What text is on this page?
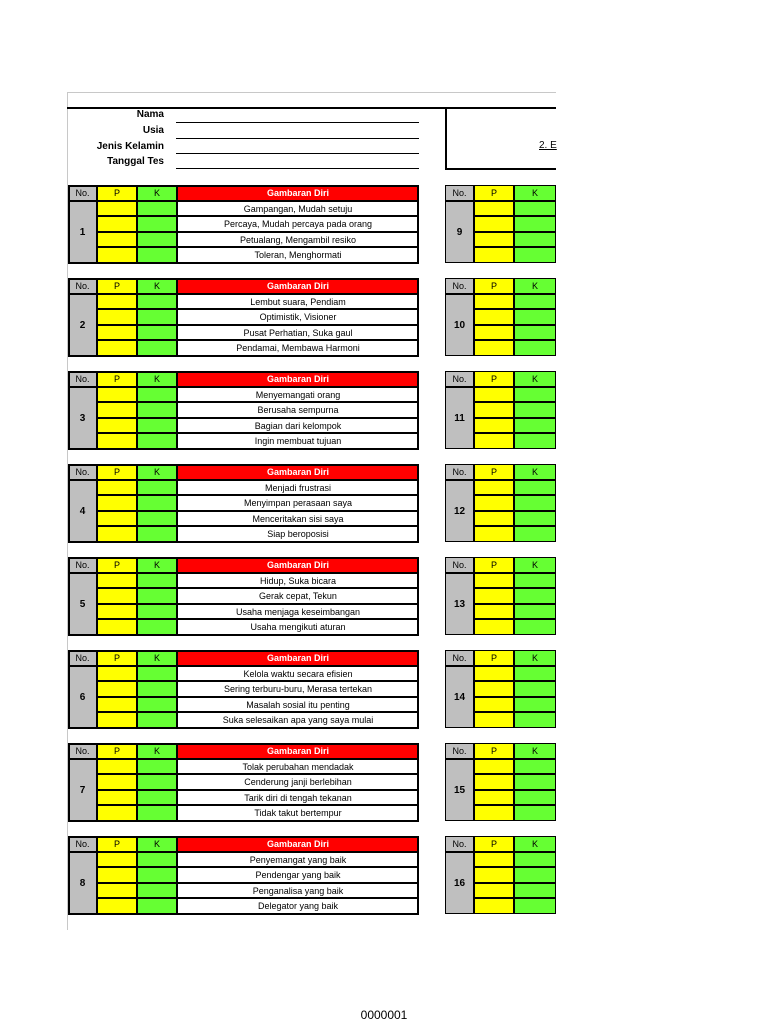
Nama
Usia
Jenis Kelamin
Tanggal Tes
2. E
No.	P	K	Gambaran Diri
1
Gampangan, Mudah setuju
Percaya, Mudah percaya pada orang
Petualang, Mengambil resiko
Toleran, Menghormati
No.	P	K
9
No.	P	K	Gambaran Diri
2
Lembut suara, Pendiam
Optimistik, Visioner
Pusat Perhatian, Suka gaul
Pendamai, Membawa Harmoni
No.	P	K
10
No.	P	K	Gambaran Diri
3
Menyemangati orang
Berusaha sempurna
Bagian dari kelompok
Ingin membuat tujuan
No.	P	K
11
No.	P	K	Gambaran Diri
4
Menjadi frustrasi
Menyimpan perasaan saya
Menceritakan sisi saya
Siap beroposisi
No.	P	K
12
No.	P	K	Gambaran Diri
5
Hidup, Suka bicara
Gerak cepat, Tekun
Usaha menjaga keseimbangan
Usaha mengikuti aturan
No.	P	K
13
No.	P	K	Gambaran Diri
6
Kelola waktu secara efisien
Sering terburu-buru, Merasa tertekan
Masalah sosial itu penting
Suka selesaikan apa yang saya mulai
No.	P	K
14
No.	P	K	Gambaran Diri
7
Tolak perubahan mendadak
Cenderung janji berlebihan
Tarik diri di tengah tekanan
Tidak takut bertempur
No.	P	K
15
No.	P	K	Gambaran Diri
8
Penyemangat yang baik
Pendengar yang baik
Penganalisa yang baik
Delegator yang baik
No.	P	K
16
0000001
